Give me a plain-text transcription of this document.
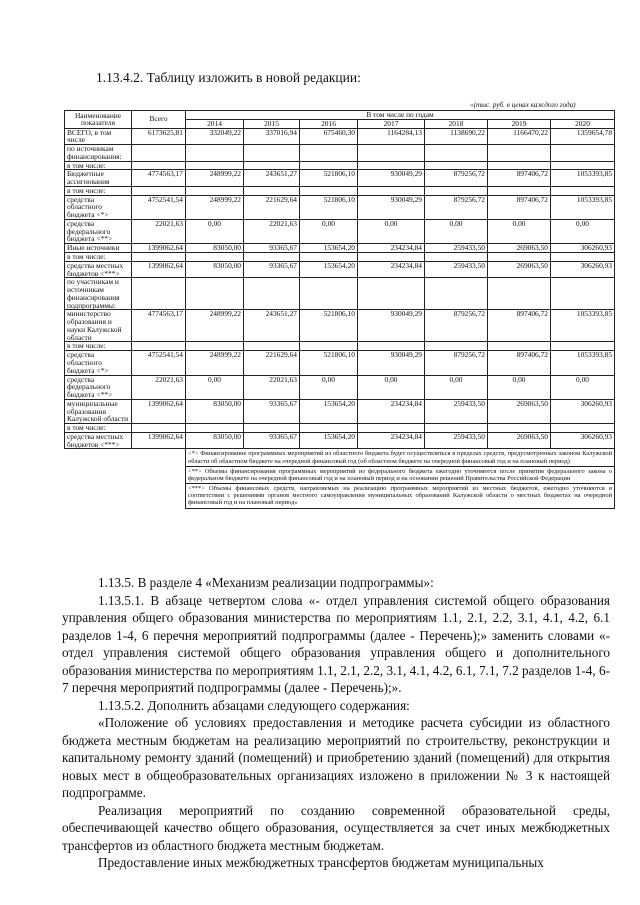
1.13.4.2. Таблицу изложить в новой редакции:
«(тыс. руб. в ценах каждого года)
Наименование показателя	Всего	В том числе по годам						
		2014	2015	2016	2017	2018	2019	2020
ВСЕГО, в том числе	6173625,81	332049,22	337016,94	675460,30	1164284,13	1138690,22	1166470,22	1359654,78
по источникам финансирования:								
в том числе:								
Бюджетные ассигнования	4774563,17	248999,22	243651,27	521806,10	930049,29	879256,72	897406,72	1053393,85
в том числе:								
средства областного бюджета <*>	4752541,54	248999,22	221629,64	521806,10	930049,29	879256,72	897406,72	1053393,85
средства федерального бюджета <**>	22021,63	0,00	22021,63	0,00	0,00	0,00	0,00	0,00
Иные источники	1399062,64	83050,00	93365,67	153654,20	234234,84	259433,50	269063,50	306260,93
в том числе:								
средства местных бюджетов <***>	1399062,64	83050,00	93365,67	153654,20	234234,84	259433,50	269063,50	306260,93
по участникам и источникам финансирования подпрограммы:								
министерство образования и науки Калужской области	4774563,17	248999,22	243651,27	521806,10	930049,29	879256,72	897406,72	1053393,85
в том числе:								
средства областного бюджета <*>	4752541,54	248999,22	221629,64	521806,10	930049,29	879256,72	897406,72	1053393,85
средства федерального бюджета <**>	22021,63	0,00	22021,63	0,00	0,00	0,00	0,00	0,00
муниципальные образования Калужской области	1399062,64	83050,00	93365,67	153654,20	234234,84	259433,50	269063,50	306260,93
в том числе:								
средства местных бюджетов <***>	1399062,64	83050,00	93365,67	153654,20	234234,84	259433,50	269063,50	306260,93
		<*> Финансирование программных мероприятий из областного бюджета будет осуществляться в пределах средств, предусмотренных законом Калужской области об областном бюджете на очередной финансовый год (об областном бюджете на очередной финансовый год и на плановый период)						
		<**> Объемы финансирования программных мероприятий из федерального бюджета ежегодно уточняются после принятия федерального закона о федеральном бюджете на очередной финансовый год и на плановый период и на основании решений Правительства Российской Федерации						
		<***> Объемы финансовых средств, направляемых на реализацию программных мероприятий из местных бюджетов, ежегодно уточняются в соответствии с решениями органов местного самоуправления муниципальных образований Калужской области о местных бюджетах на очередной финансовый год и на плановый период»						

1.13.5. В разделе 4 «Механизм реализации подпрограммы»:

1.13.5.1. В абзаце четвертом слова «- отдел управления системой общего образования управления общего образования министерства по мероприятиям 1.1, 2.1, 2.2, 3.1, 4.1, 4.2, 6.1 разделов 1-4, 6 перечня мероприятий подпрограммы (далее - Перечень);» заменить словами «- отдел управления системой общего образования управления общего и дополнительного образования министерства по мероприятиям 1.1, 2.1, 2.2, 3.1, 4.1, 4.2, 6.1, 7.1, 7.2 разделов 1-4, 6-7 перечня мероприятий подпрограммы (далее - Перечень);».

1.13.5.2. Дополнить абзацами следующего содержания:

«Положение об условиях предоставления и методике расчета субсидии из областного бюджета местным бюджетам на реализацию мероприятий по строительству, реконструкции и капитальному ремонту зданий (помещений) и приобретению зданий (помещений) для открытия новых мест в общеобразовательных организациях изложено в приложении № 3 к настоящей подпрограмме.

Реализация мероприятий по созданию современной образовательной среды, обеспечивающей качество общего образования, осуществляется за счет иных межбюджетных трансфертов из областного бюджета местным бюджетам.

Предоставление иных межбюджетных трансфертов бюджетам муниципальных
